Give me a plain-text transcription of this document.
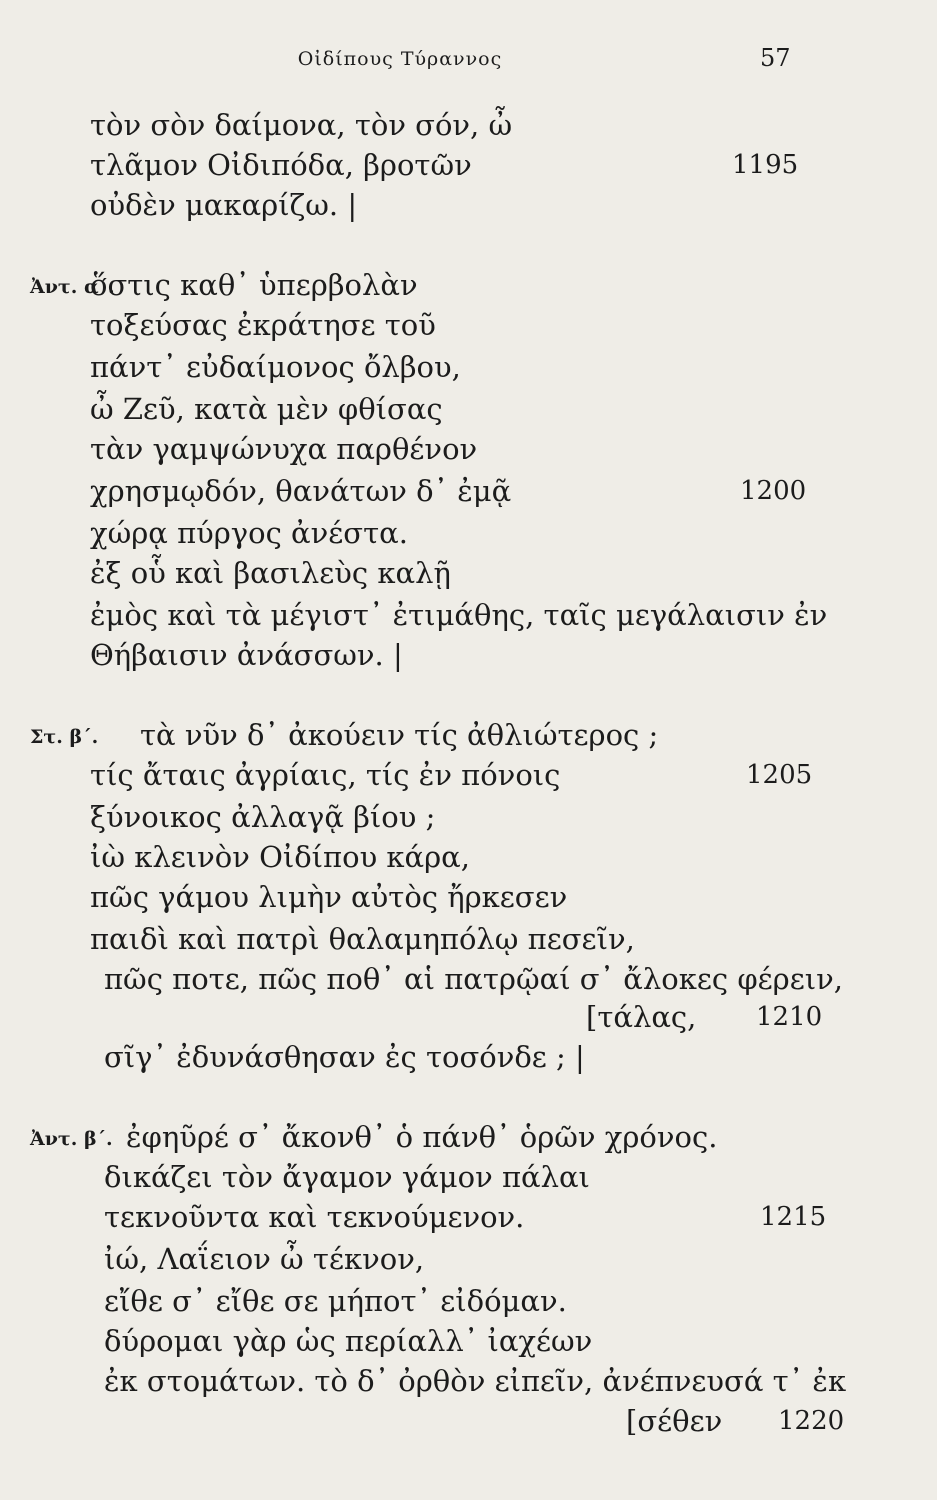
Οἰδίπους Τύραννος	57
τὸν σὸν δαίμονα, τὸν σόν, ὦ
τλᾶμον Οἰδιπόδα, βροτῶν	1195
οὐδὲν μακαρίζω. |
Ἀντ. α΄.
ὅστις καθ᾽ ὑπερβολὰν
τοξεύσας ἐκράτησε τοῦ
πάντ᾽ εὐδαίμονος ὄλβου,
ὦ Ζεῦ, κατὰ μὲν φθίσας
τὰν γαμψώνυχα παρθένον
χρησμῳδόν, θανάτων δ᾽ ἐμᾷ	1200
χώρᾳ πύργος ἀνέστα.
ἐξ οὗ καὶ βασιλεὺς καλῇ
ἐμὸς καὶ τὰ μέγιστ᾽ ἐτιμάθης, ταῖς μεγάλαισιν ἐν
Θήβαισιν ἀνάσσων. |
Στ. β΄. τὰ νῦν δ᾽ ἀκούειν τίς ἀθλιώτερος ;
τίς ἄταις ἀγρίαις, τίς ἐν πόνοις	1205
ξύνοικος ἀλλαγᾷ βίου ;
ἰὼ κλεινὸν Οἰδίπου κάρα,
πῶς γάμου λιμὴν αὐτὸς ἤρκεσεν
παιδὶ καὶ πατρὶ θαλαμηπόλῳ πεσεῖν,
πῶς ποτε, πῶς ποθ᾽ αἱ πατρῷαί σ᾽ ἄλοκες φέρειν,
[τάλας, 1210
σῖγ᾽ ἐδυνάσθησαν ἐς τοσόνδε ; |
Ἀντ. β΄. ἐφηῦρέ σ᾽ ἄκονθ᾽ ὁ πάνθ᾽ ὁρῶν χρόνος.
δικάζει τὸν ἄγαμον γάμον πάλαι
τεκνοῦντα καὶ τεκνούμενον.	1215
ἰώ, Λαΐειον ὦ τέκνον,
εἴθε σ᾽ εἴθε σε μήποτ᾽ εἰδόμαν.
δύρομαι γὰρ ὡς περίαλλ᾽ ἰαχέων
ἐκ στομάτων. τὸ δ᾽ ὀρθὸν εἰπεῖν, ἀνέπνευσά τ᾽ ἐκ
[σέθεν 1220
